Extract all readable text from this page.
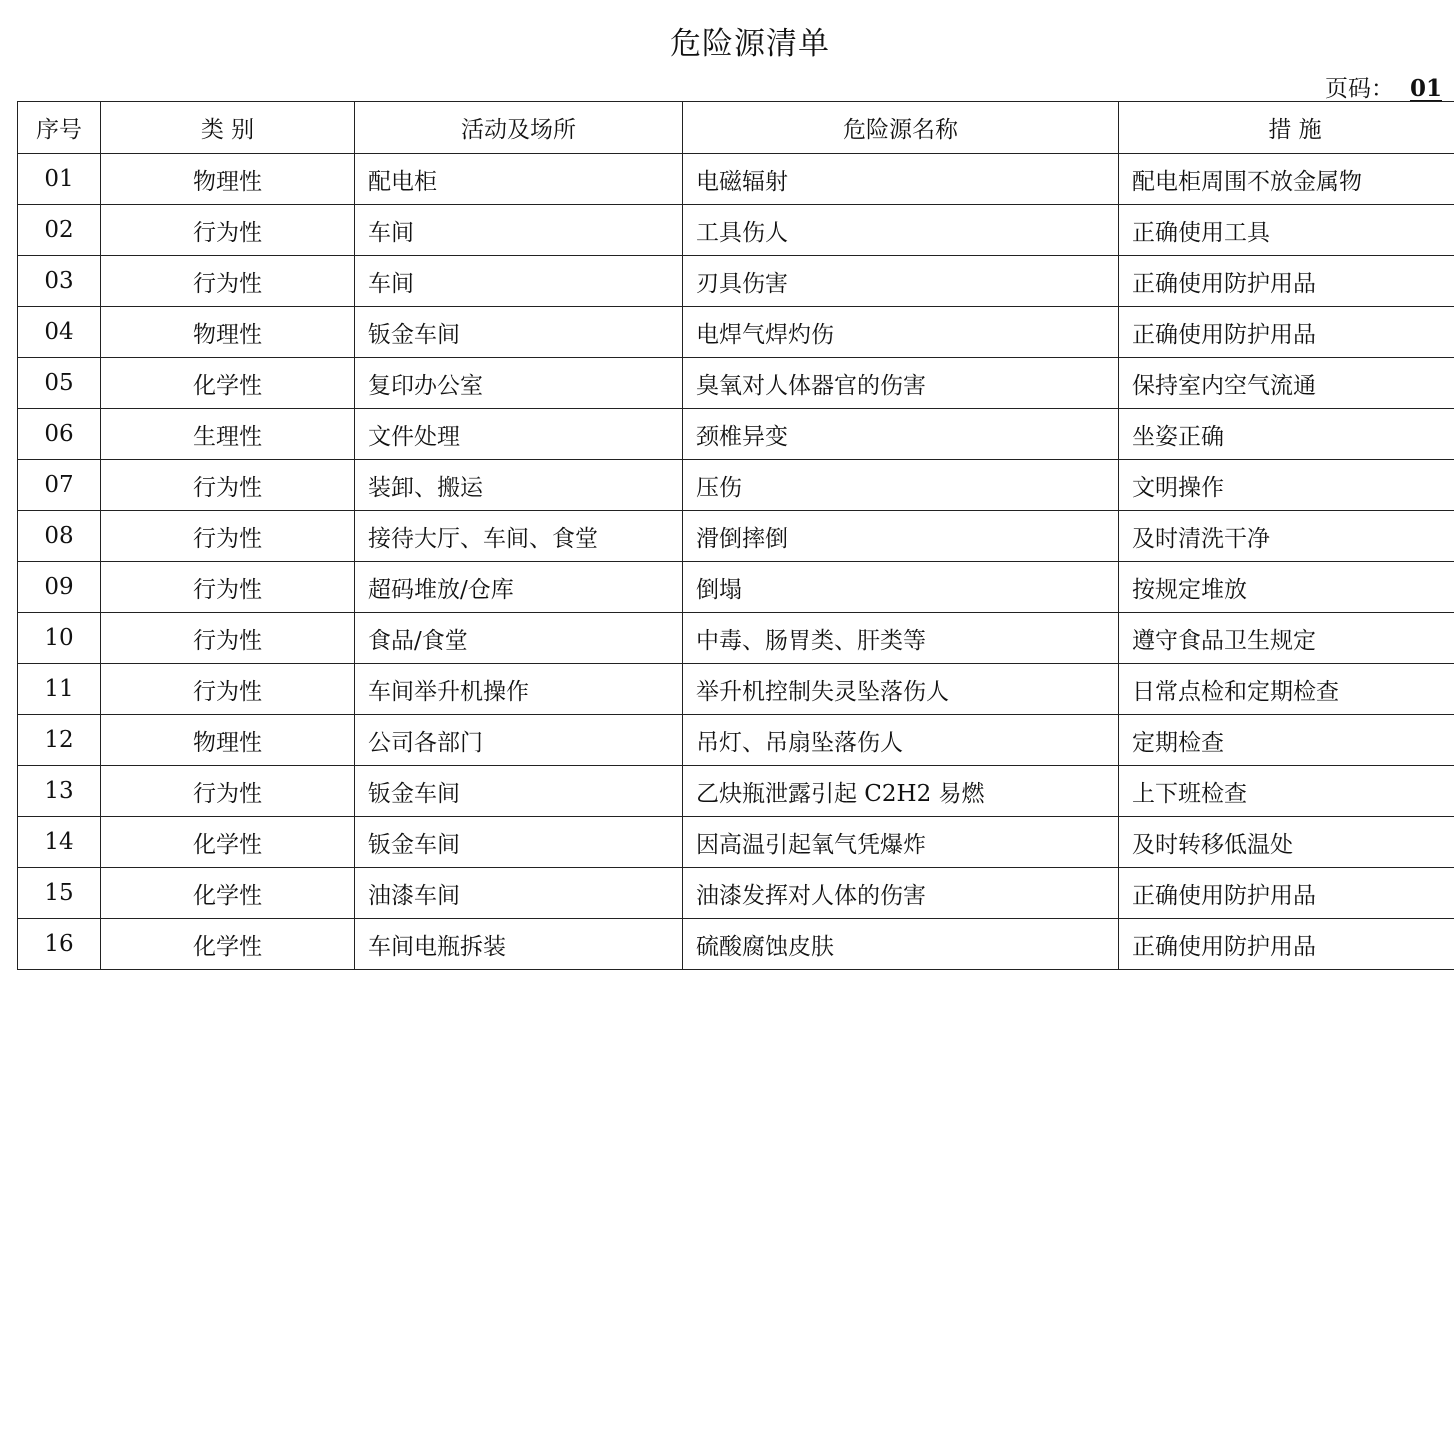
危险源清单
页码： 01
序号	类 别	活动及场所	危险源名称	措 施
01	物理性	配电柜	电磁辐射	配电柜周围不放金属物
02	行为性	车间	工具伤人	正确使用工具
03	行为性	车间	刃具伤害	正确使用防护用品
04	物理性	钣金车间	电焊气焊灼伤	正确使用防护用品
05	化学性	复印办公室	臭氧对人体器官的伤害	保持室内空气流通
06	生理性	文件处理	颈椎异变	坐姿正确
07	行为性	装卸、搬运	压伤	文明操作
08	行为性	接待大厅、车间、食堂	滑倒摔倒	及时清洗干净
09	行为性	超码堆放/仓库	倒塌	按规定堆放
10	行为性	食品/食堂	中毒、肠胃类、肝类等	遵守食品卫生规定
11	行为性	车间举升机操作	举升机控制失灵坠落伤人	日常点检和定期检查
12	物理性	公司各部门	吊灯、吊扇坠落伤人	定期检查
13	行为性	钣金车间	乙炔瓶泄露引起 C2H2 易燃	上下班检查
14	化学性	钣金车间	因高温引起氧气凭爆炸	及时转移低温处
15	化学性	油漆车间	油漆发挥对人体的伤害	正确使用防护用品
16	化学性	车间电瓶拆装	硫酸腐蚀皮肤	正确使用防护用品
